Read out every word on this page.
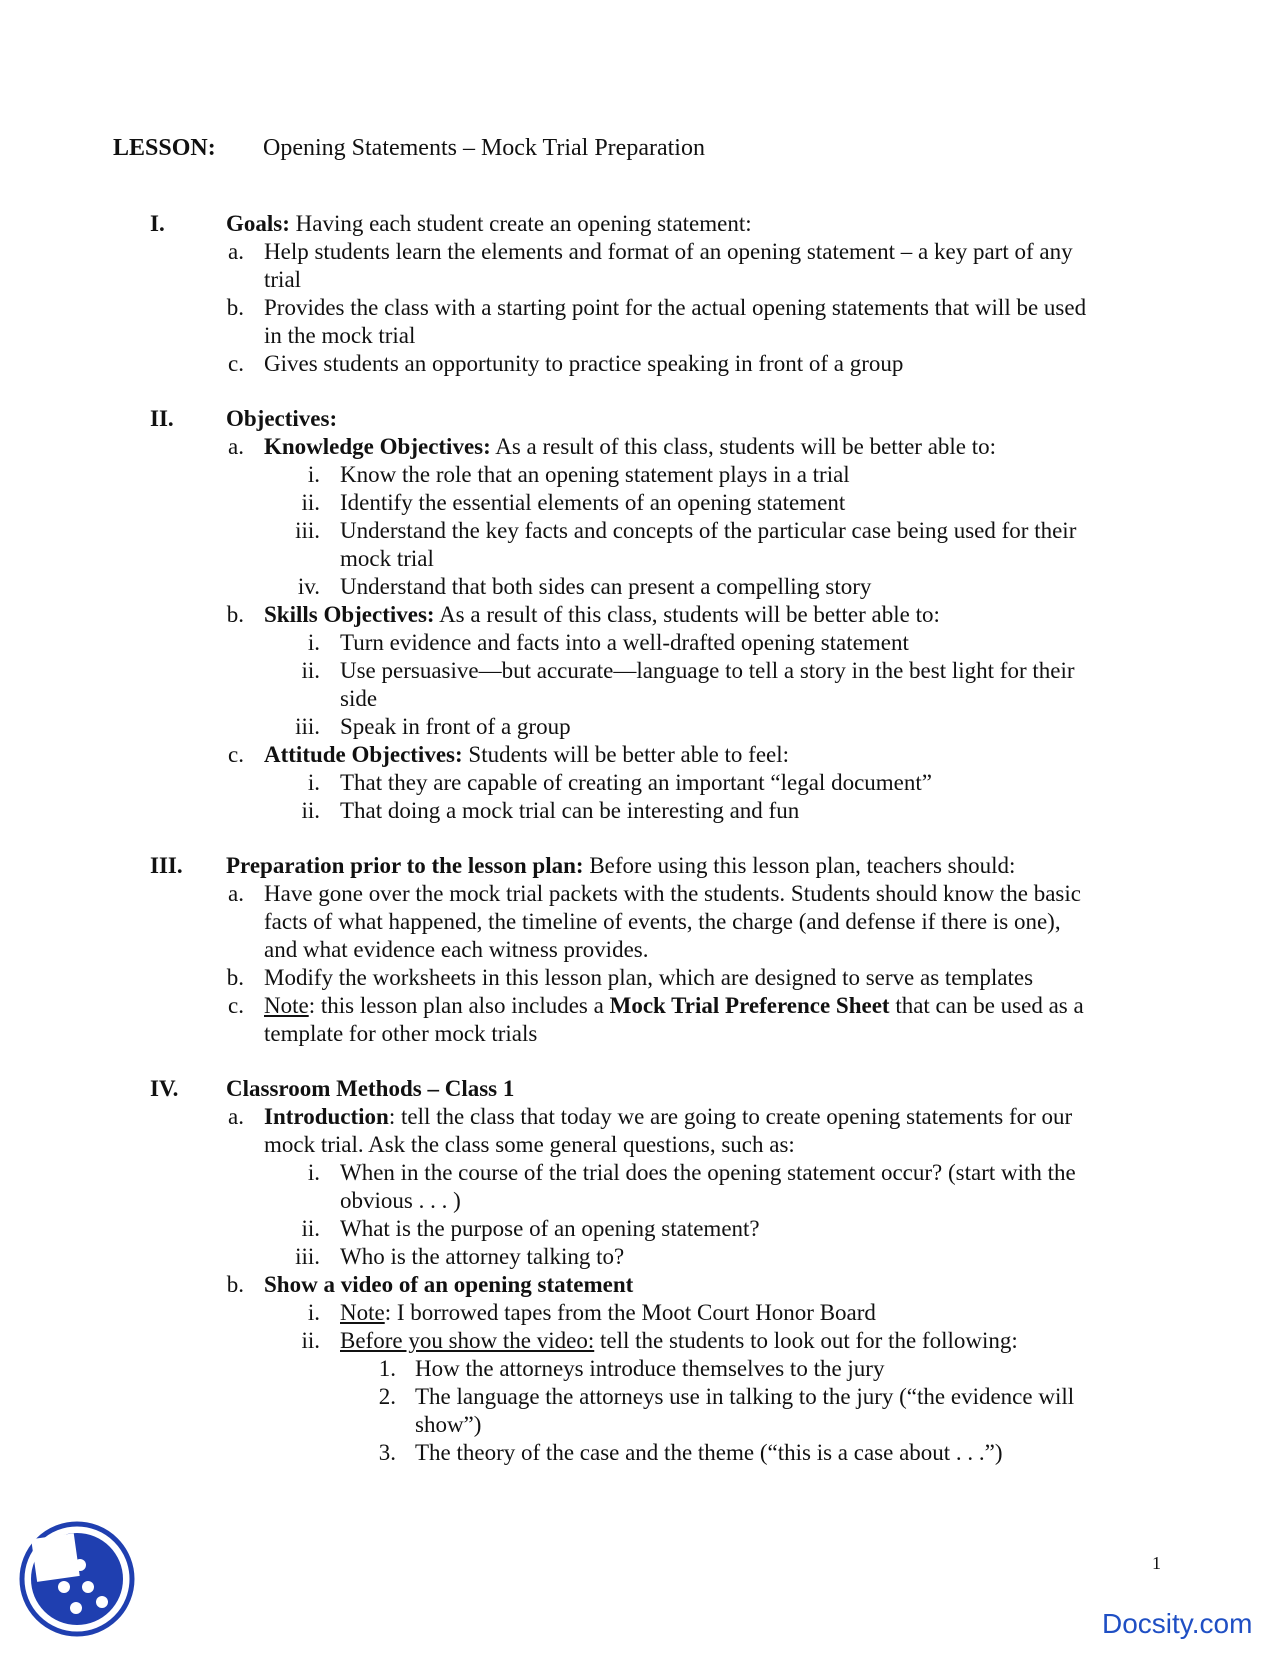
LESSON: Opening Statements – Mock Trial Preparation
I.	Goals: Having each student create an opening statement:
a. Help students learn the elements and format of an opening statement – a key part of any
trial
b. Provides the class with a starting point for the actual opening statements that will be used
in the mock trial
c. Gives students an opportunity to practice speaking in front of a group
II.	Objectives:
a. Knowledge Objectives: As a result of this class, students will be better able to:
i. Know the role that an opening statement plays in a trial
ii. Identify the essential elements of an opening statement
iii. Understand the key facts and concepts of the particular case being used for their
mock trial
iv. Understand that both sides can present a compelling story
b. Skills Objectives: As a result of this class, students will be better able to:
i. Turn evidence and facts into a well-drafted opening statement
ii. Use persuasive—but accurate—language to tell a story in the best light for their
side
iii. Speak in front of a group
c. Attitude Objectives: Students will be better able to feel:
i. That they are capable of creating an important “legal document”
ii. That doing a mock trial can be interesting and fun
III.	Preparation prior to the lesson plan: Before using this lesson plan, teachers should:
a. Have gone over the mock trial packets with the students. Students should know the basic
facts of what happened, the timeline of events, the charge (and defense if there is one),
and what evidence each witness provides.
b. Modify the worksheets in this lesson plan, which are designed to serve as templates
c. Note: this lesson plan also includes a Mock Trial Preference Sheet that can be used as a
template for other mock trials
IV.	Classroom Methods – Class 1
a. Introduction: tell the class that today we are going to create opening statements for our
mock trial. Ask the class some general questions, such as:
i. When in the course of the trial does the opening statement occur? (start with the
obvious . . . )
ii. What is the purpose of an opening statement?
iii. Who is the attorney talking to?
b. Show a video of an opening statement
i. Note: I borrowed tapes from the Moot Court Honor Board
ii. Before you show the video: tell the students to look out for the following:
1. How the attorneys introduce themselves to the jury
2. The language the attorneys use in talking to the jury (“the evidence will
show”)
3. The theory of the case and the theme (“this is a case about . . .”)
1
Docsity.com
